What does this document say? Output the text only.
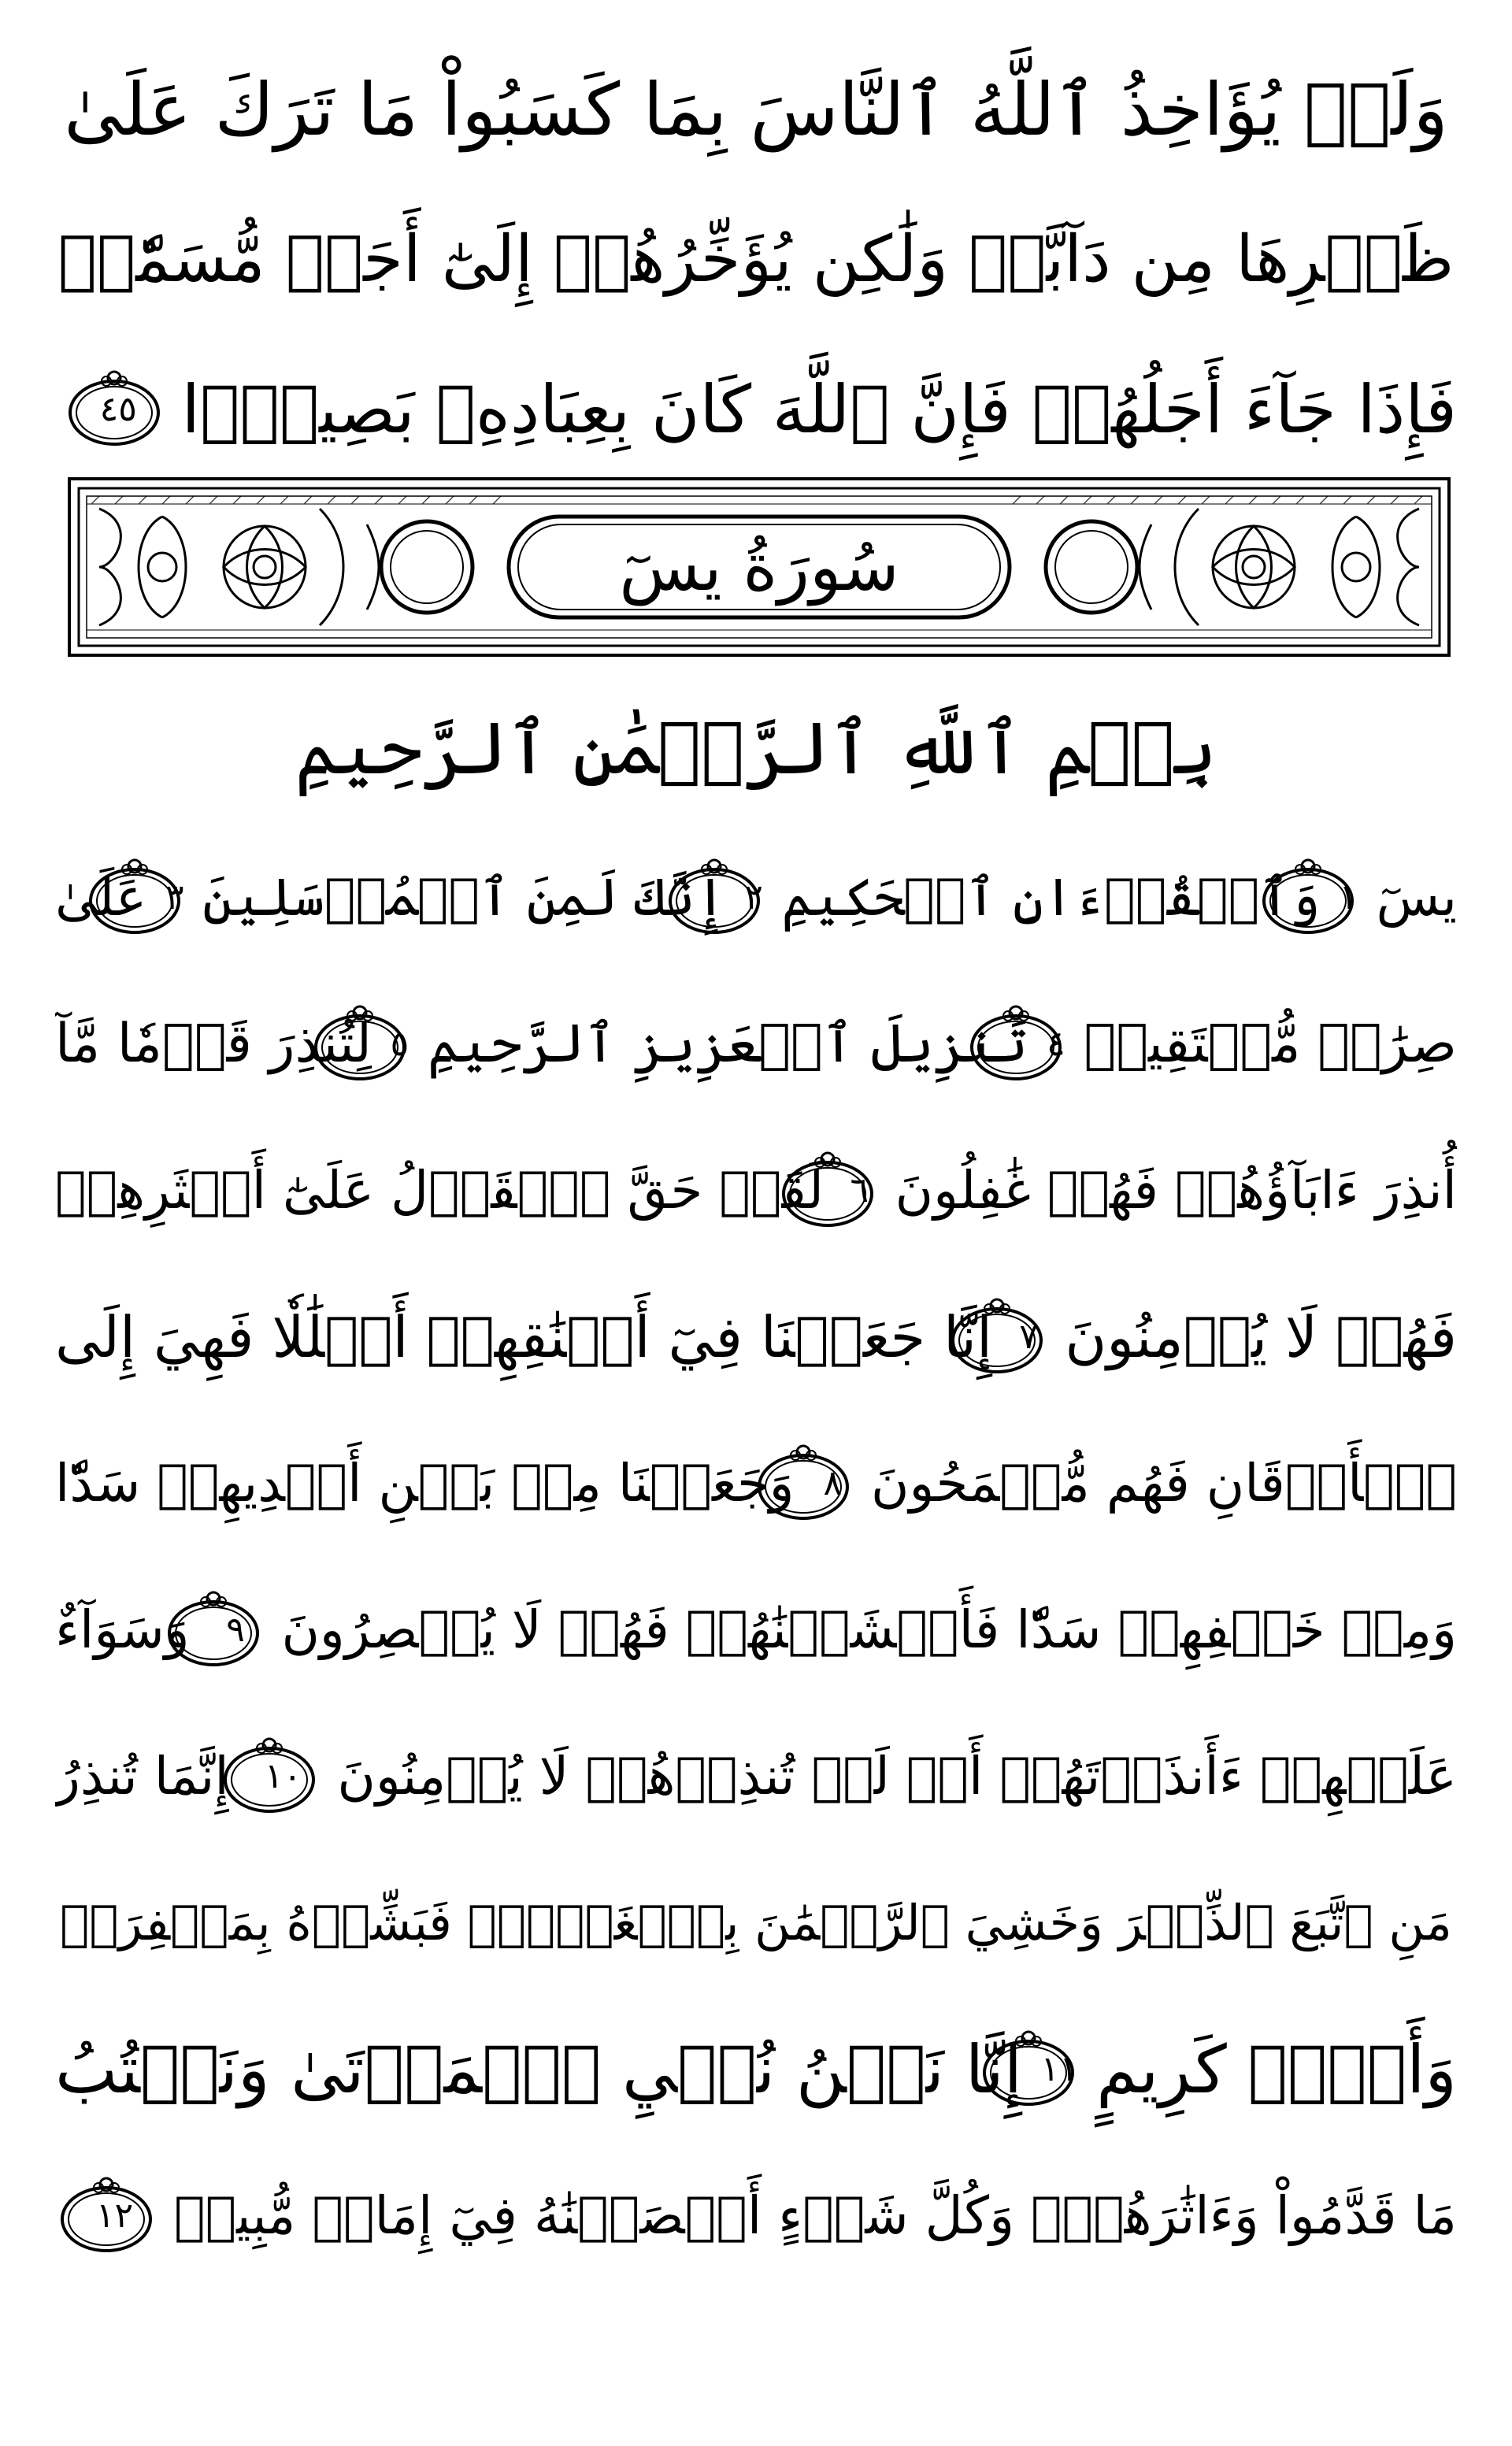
وَلَوۡ يُؤَاخِذُ ٱللَّهُ ٱلنَّاسَ بِمَا كَسَبُواْ مَا تَرَكَ عَلَىٰ
ظَهۡرِهَا مِن دَآبَّةٖ وَلَٰكِن يُؤَخِّرُهُمۡ إِلَىٰٓ أَجَلٖ مُّسَمّٗىۖ
فَإِذَا جَآءَ أَجَلُهُمۡ فَإِنَّ ٱللَّهَ كَانَ بِعِبَادِهِۦ بَصِيرَۢا
٤٥
سُورَةُ يسٓ
بِسۡمِ ٱللَّهِ ٱلرَّحۡمَٰنِ ٱلرَّحِيمِ
يسٓ
١
وَٱلۡقُرۡءَانِ ٱلۡحَكِيمِ
٢
إِنَّكَ لَمِنَ ٱلۡمُرۡسَلِينَ
٣
عَلَىٰ
صِرَٰطٖ مُّسۡتَقِيمٖ
٤
تَنزِيلَ ٱلۡعَزِيزِ ٱلرَّحِيمِ
٥
لِتُنذِرَ قَوۡمٗا مَّآ
أُنذِرَ ءَابَآؤُهُمۡ فَهُمۡ غَٰفِلُونَ
٦
لَقَدۡ حَقَّ ٱلۡقَوۡلُ عَلَىٰٓ أَكۡثَرِهِمۡ
فَهُمۡ لَا يُؤۡمِنُونَ
٧
إِنَّا جَعَلۡنَا فِيٓ أَعۡنَٰقِهِمۡ أَغۡلَٰلٗا فَهِيَ إِلَى
ٱلۡأَذۡقَانِ فَهُم مُّقۡمَحُونَ
٨
وَجَعَلۡنَا مِنۢ بَيۡنِ أَيۡدِيهِمۡ سَدّٗا
وَمِنۡ خَلۡفِهِمۡ سَدّٗا فَأَغۡشَيۡنَٰهُمۡ فَهُمۡ لَا يُبۡصِرُونَ
٩
وَسَوَآءٌ
عَلَيۡهِمۡ ءَأَنذَرۡتَهُمۡ أَمۡ لَمۡ تُنذِرۡهُمۡ لَا يُؤۡمِنُونَ
١٠
إِنَّمَا تُنذِرُ
مَنِ ٱتَّبَعَ ٱلذِّكۡرَ وَخَشِيَ ٱلرَّحۡمَٰنَ بِٱلۡغَيۡبِۖ فَبَشِّرۡهُ بِمَغۡفِرَةٖ
وَأَجۡرٖ كَرِيمٍ
١١
إِنَّا نَحۡنُ نُحۡيِ ٱلۡمَوۡتَىٰ وَنَكۡتُبُ
مَا قَدَّمُواْ وَءَاثَٰرَهُمۡۚ وَكُلَّ شَيۡءٍ أَحۡصَيۡنَٰهُ فِيٓ إِمَامٖ مُّبِينٖ
١٢
